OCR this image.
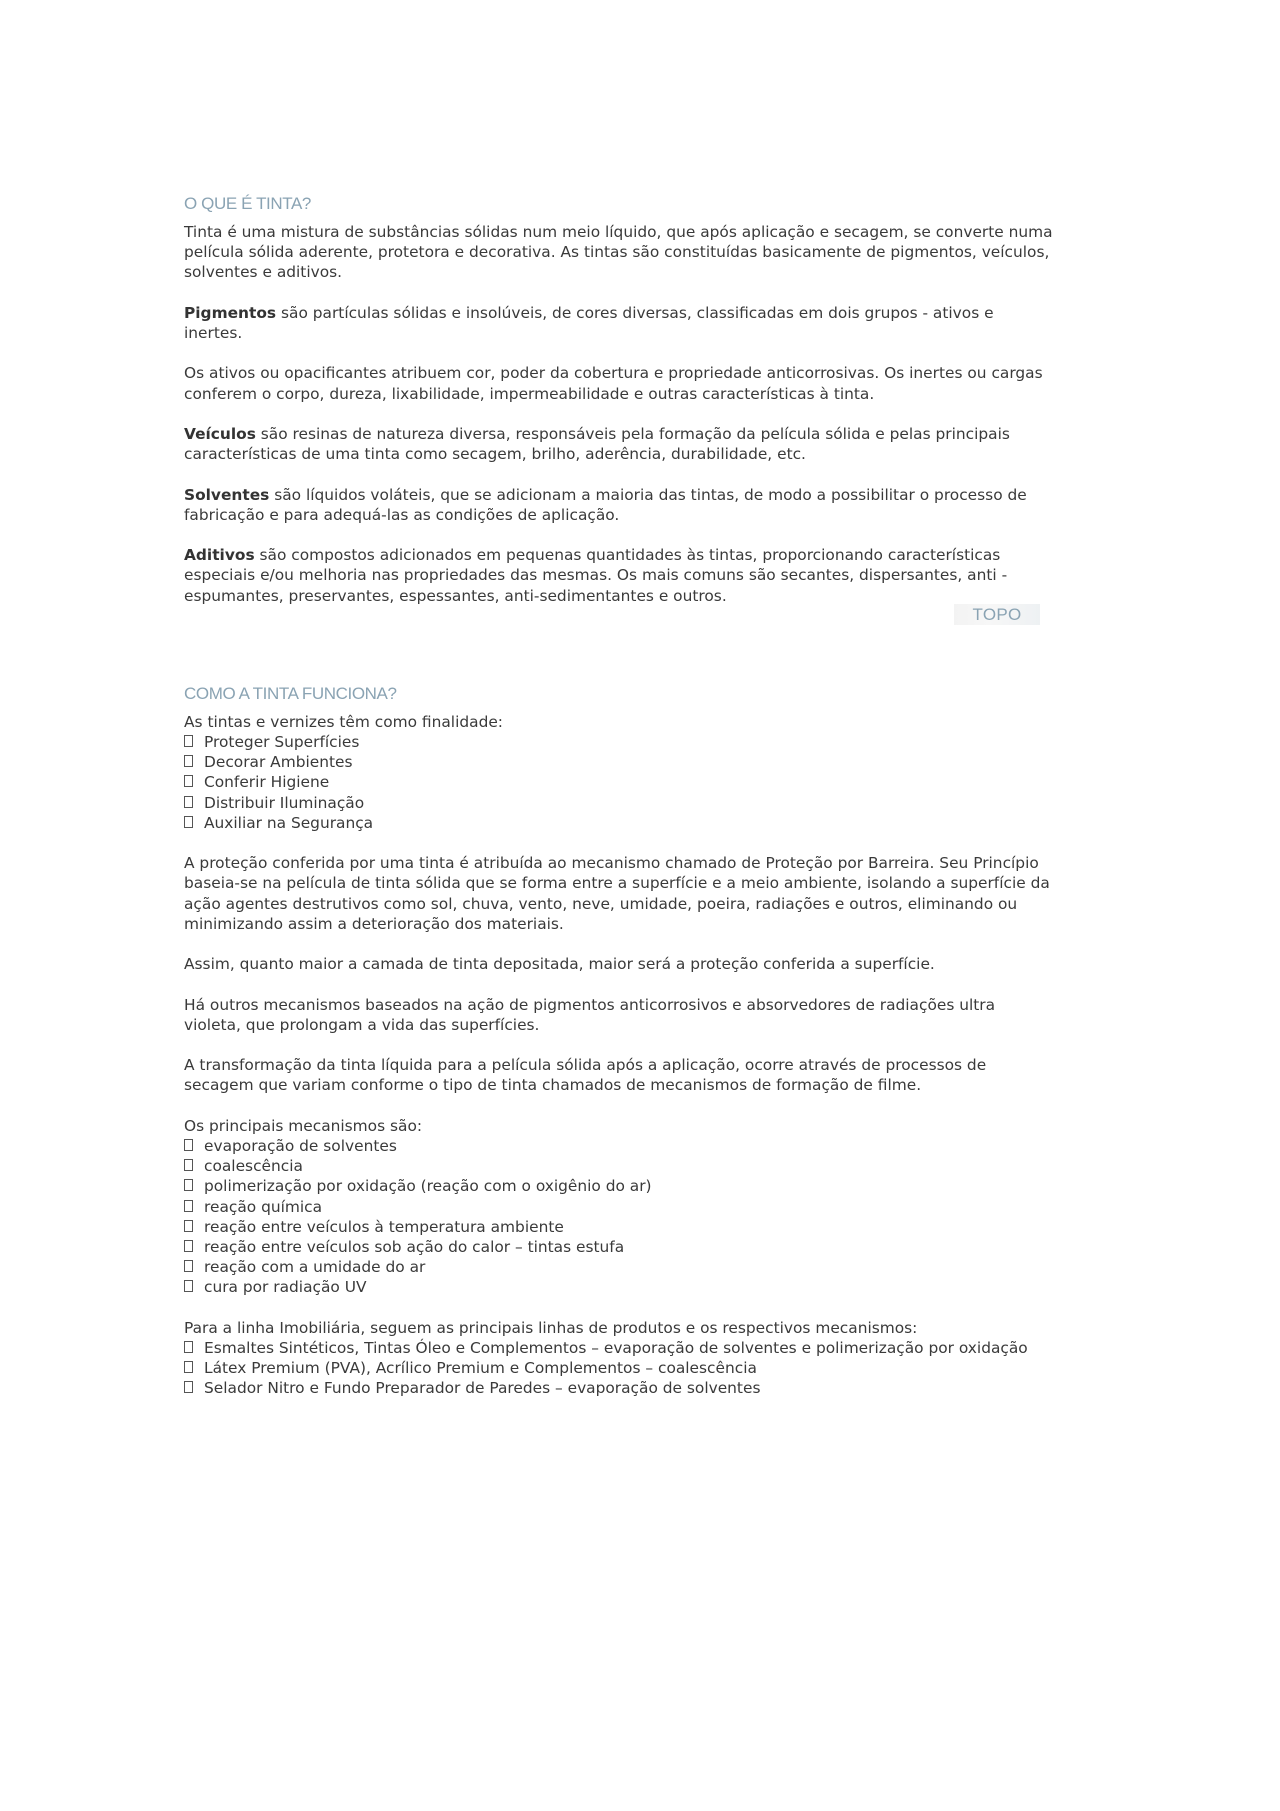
O QUE É TINTA?

Tinta é uma mistura de substâncias sólidas num meio líquido, que após aplicação e secagem, se converte numa película sólida aderente, protetora e decorativa. As tintas são constituídas basicamente de pigmentos, veículos, solventes e aditivos.

Pigmentos são partículas sólidas e insolúveis, de cores diversas, classificadas em dois grupos - ativos e inertes.

Os ativos ou opacificantes atribuem cor, poder da cobertura e propriedade anticorrosivas. Os inertes ou cargas conferem o corpo, dureza, lixabilidade, impermeabilidade e outras características à tinta.

Veículos são resinas de natureza diversa, responsáveis pela formação da película sólida e pelas principais características de uma tinta como secagem, brilho, aderência, durabilidade, etc.

Solventes são líquidos voláteis, que se adicionam a maioria das tintas, de modo a possibilitar o processo de fabricação e para adequá-las as condições de aplicação.

Aditivos são compostos adicionados em pequenas quantidades às tintas, proporcionando características especiais e/ou melhoria nas propriedades das mesmas. Os mais comuns são secantes, dispersantes, anti -espumantes, preservantes, espessantes, anti-sedimentantes e outros.

TOPO
COMO A TINTA FUNCIONA?

As tintas e vernizes têm como finalidade:

Proteger Superfícies
Decorar Ambientes
Conferir Higiene
Distribuir Iluminação
Auxiliar na Segurança

A proteção conferida por uma tinta é atribuída ao mecanismo chamado de Proteção por Barreira. Seu Princípio baseia-se na película de tinta sólida que se forma entre a superfície e a meio ambiente, isolando a superfície da ação agentes destrutivos como sol, chuva, vento, neve, umidade, poeira, radiações e outros, eliminando ou minimizando assim a deterioração dos materiais.

Assim, quanto maior a camada de tinta depositada, maior será a proteção conferida a superfície.

Há outros mecanismos baseados na ação de pigmentos anticorrosivos e absorvedores de radiações ultra violeta, que prolongam a vida das superfícies.

A transformação da tinta líquida para a película sólida após a aplicação, ocorre através de processos de secagem que variam conforme o tipo de tinta chamados de mecanismos de formação de filme.

Os principais mecanismos são:

evaporação de solventes
coalescência
polimerização por oxidação (reação com o oxigênio do ar)
reação química
reação entre veículos à temperatura ambiente
reação entre veículos sob ação do calor – tintas estufa
reação com a umidade do ar
cura por radiação UV

Para a linha Imobiliária, seguem as principais linhas de produtos e os respectivos mecanismos:

Esmaltes Sintéticos, Tintas Óleo e Complementos – evaporação de solventes e polimerização por oxidação
Látex Premium (PVA), Acrílico Premium e Complementos – coalescência
Selador Nitro e Fundo Preparador de Paredes – evaporação de solventes
